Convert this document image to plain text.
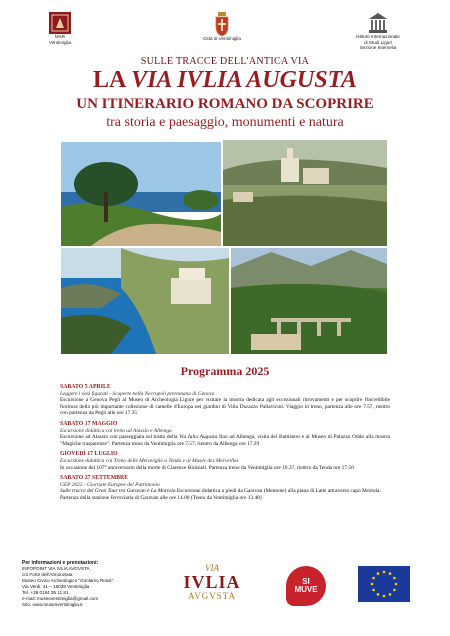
MAR
Ventimiglia
Città di Ventimiglia	Istituto Internazionale
di Studi Liguri
Sezione Intemelia
SULLE TRACCE DELL'ANTICA VIA
LA VIA IVLIA AUGUSTA
UN ITINERARIO ROMANO DA SCOPRIRE
tra storia e paesaggio, monumenti e natura
Programma 2025
SABATO 5 APRILE
Leggere i vasi figurati - Scoperte nella Necropoli preromana di Genova
Escursione a Genova Pegli al Museo di Archeologia Ligure per visitare la mostra dedicata agli eccezionali ritrovamenti e per scoprire l'incredibile fioritura della più importante collezione di camelie d'Europa nei giardini di Villa Durazzo Pallavicini. Viaggio in treno, partenza alle ore 7.57, rientro con partenza da Pegli alle ore 17.35
SABATO 17 MAGGIO
Escursione didattica col treno ad Alassio e Albenga
Escursione ad Alassio con passeggiata sul tratto della Via Iulia Augusta fino ad Albenga, visita del Battistero e al Museo di Palazzo Oddo alla mostra "Magiche trasparenze". Partenza treno da Ventimiglia ore 7.57, rientro da Albenga ore 17.39
GIOVEDÌ 17 LUGLIO
Escursione didattica col Treno delle Meraviglie a Tenda e al Musée des Merveilles
In occasione del 107° anniversario della morte di Clarence Bicknell. Partenza treno da Ventimiglia ore 10.37, rientro da Tenda ore 17.50
SABATO 27 SETTEMBRE
GEP 2025 - Giornate Europee del Patrimonio
Sulle tracce del Gran Tour tra Garavan e La Mortola Escursione didattica a piedi da Garavan (Mentone) alla piana di Latte attraverso capo Mortola.
Partenza dalla stazione ferroviaria di Garavan alle ore 14.00 (Treno da Ventimiglia ore 13.48)
Per informazioni e prenotazioni:
INFOPOINT VIA IVLIA AVGVSTA
c/o Forte dell'Annunziata
Museo Civico Archeologico "Girolamo Rossi"
Via Verdi, 41 – 18039 Ventimiglia
Tel. +39 0184 35 11 81
e-mail: museoventimiglia@gmail.com
Sito: www.museoventimiglia.it
VIA
IVLIA
AVGVSTA
SI MUVE
